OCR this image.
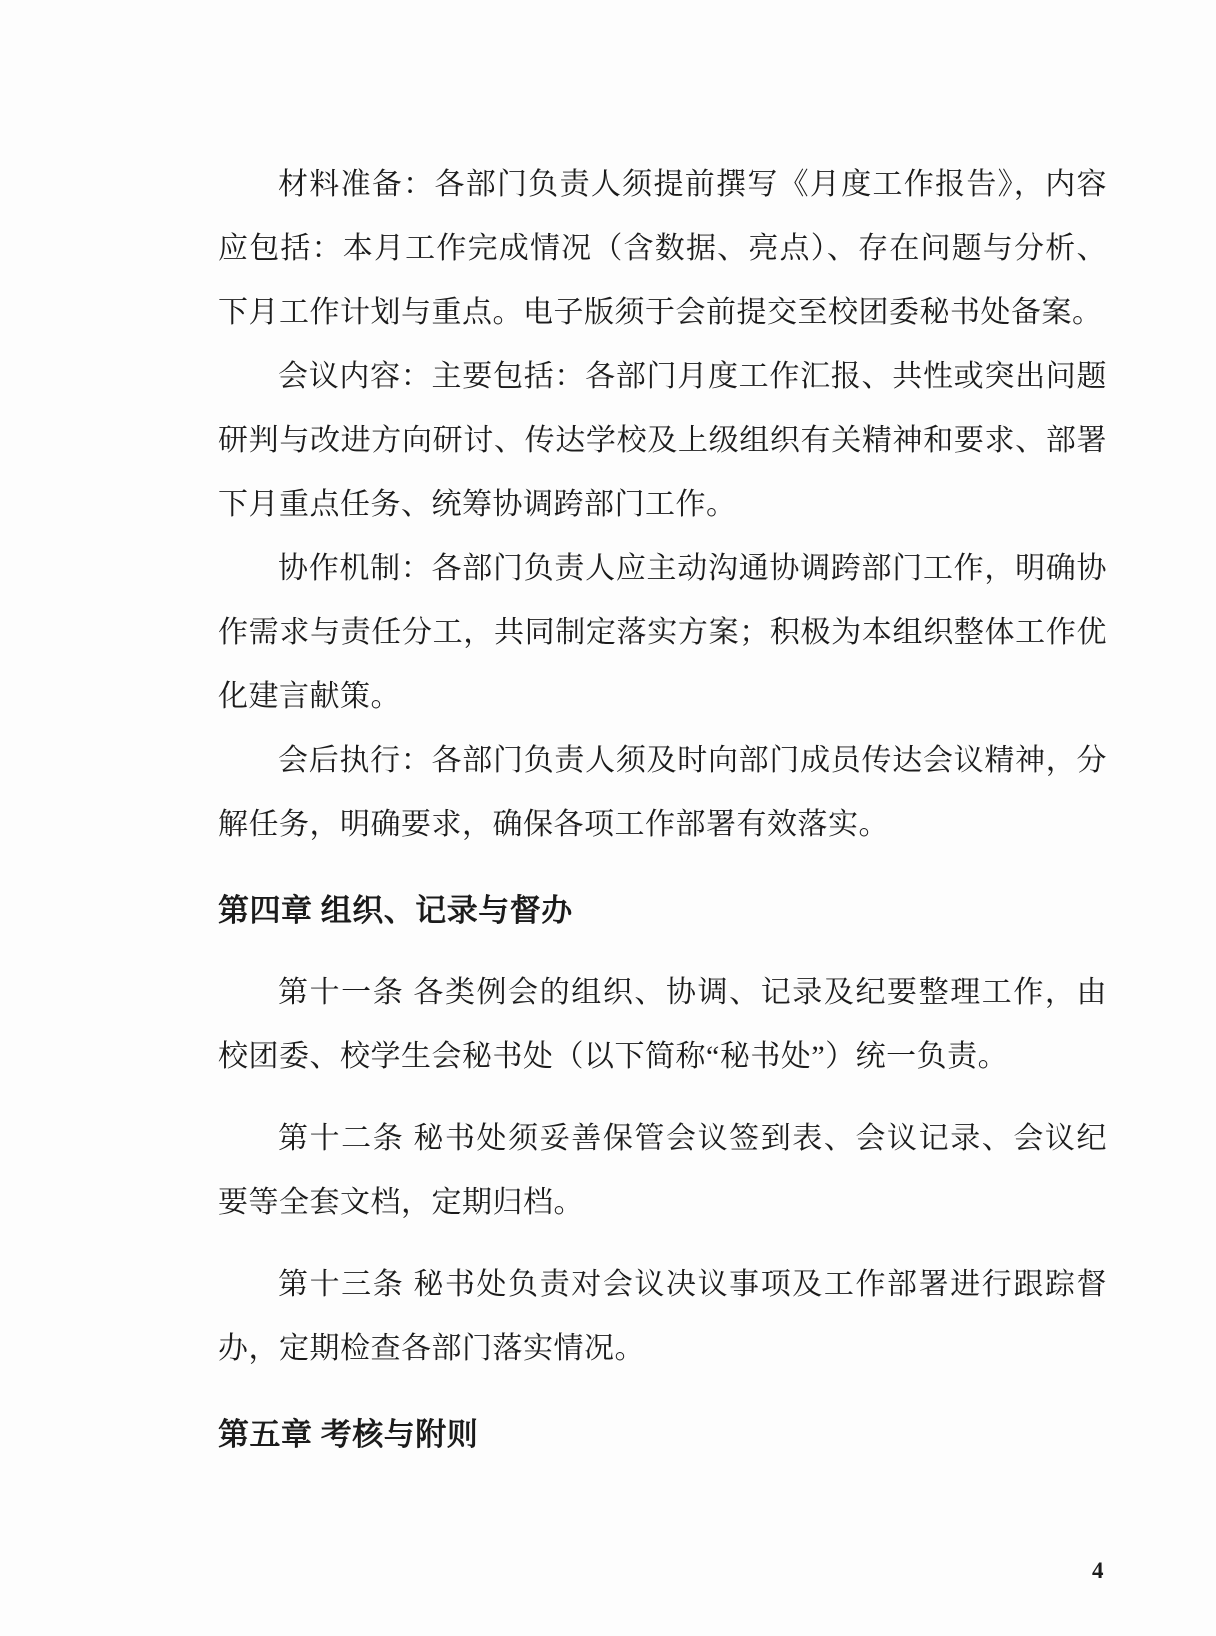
材料准备：各部门负责人须提前撰写《月度工作报告》，内容应包括：本月工作完成情况（含数据、亮点）、存在问题与分析、下月工作计划与重点。电子版须于会前提交至校团委秘书处备案。

会议内容：主要包括：各部门月度工作汇报、共性或突出问题研判与改进方向研讨、传达学校及上级组织有关精神和要求、部署下月重点任务、统筹协调跨部门工作。

协作机制：各部门负责人应主动沟通协调跨部门工作，明确协作需求与责任分工，共同制定落实方案；积极为本组织整体工作优化建言献策。

会后执行：各部门负责人须及时向部门成员传达会议精神，分解任务，明确要求，确保各项工作部署有效落实。

第四章 组织、记录与督办

第十一条 各类例会的组织、协调、记录及纪要整理工作，由校团委、校学生会秘书处（以下简称“秘书处”）统一负责。

第十二条 秘书处须妥善保管会议签到表、会议记录、会议纪要等全套文档，定期归档。

第十三条 秘书处负责对会议决议事项及工作部署进行跟踪督办，定期检查各部门落实情况。

第五章 考核与附则
4
